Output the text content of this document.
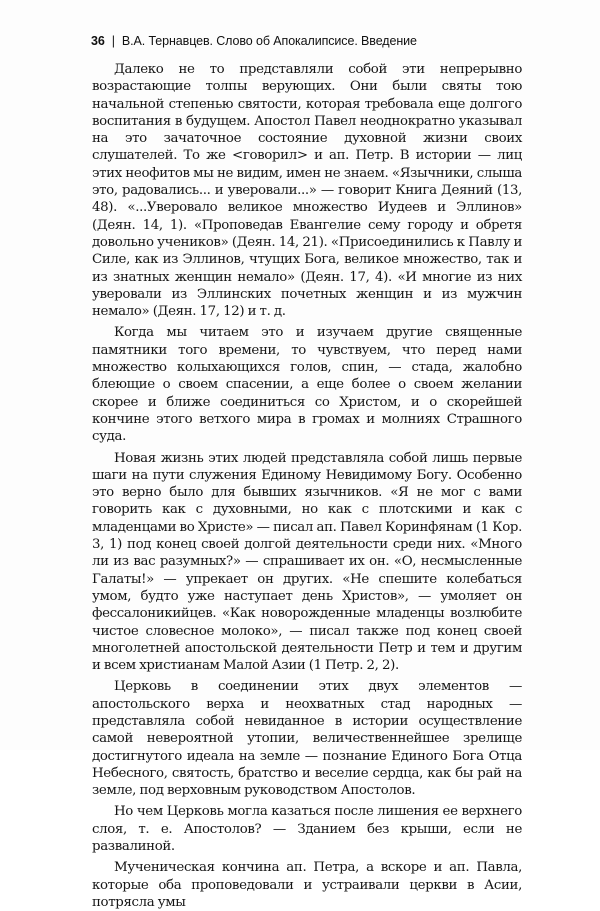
36 | В.А. Тернавцев. Слово об Апокалипсисе. Введение

Далеко не то представляли собой эти непрерывно возрастающие толпы верующих. Они были святы тою начальной степенью святости, которая требовала еще долгого воспитания в будущем. Апостол Павел неоднократно указывал на это зачаточное состояние духовной жизни своих слушателей. То же <говорил> и ап. Петр. В истории — лиц этих неофитов мы не видим, имен не знаем. «Язычники, слыша это, радовались... и уверовали...» — говорит Книга Деяний (13, 48). «...Уверовало великое множество Иудеев и Эллинов» (Деян. 14, 1). «Проповедав Евангелие сему городу и обретя довольно учеников» (Деян. 14, 21). «Присоединились к Павлу и Силе, как из Эллинов, чтущих Бога, великое множество, так и из знатных женщин немало» (Деян. 17, 4). «И многие из них уверовали из Эллинских почетных женщин и из мужчин немало» (Деян. 17, 12) и т. д.

Когда мы читаем это и изучаем другие священные памятники того времени, то чувствуем, что перед нами множество колыхающихся голов, спин, — стада, жалобно блеющие о своем спасении, а еще более о своем желании скорее и ближе соединиться со Христом, и о скорейшей кончине этого ветхого мира в громах и молниях Страшного суда.

Новая жизнь этих людей представляла собой лишь первые шаги на пути служения Единому Невидимому Богу. Особенно это верно было для бывших язычников. «Я не мог с вами говорить как с духовными, но как с плотскими и как с младенцами во Христе» — писал ап. Павел Коринфянам (1 Кор. 3, 1) под конец своей долгой деятельности среди них. «Много ли из вас разумных?» — спрашивает их он. «О, несмысленные Галаты!» — упрекает он других. «Не спешите колебаться умом, будто уже наступает день Христов», — умоляет он фессалоникийцев. «Как новорожденные младенцы возлюбите чистое словесное молоко», — писал также под конец своей многолетней апостольской деятельности Петр и тем и другим и всем христианам Малой Азии (1 Петр. 2, 2).

Церковь в соединении этих двух элементов — апостольского верха и неохватных стад народных — представляла собой невиданное в истории осуществление самой невероятной утопии, величественнейшее зрелище достигнутого идеала на земле — познание Единого Бога Отца Небесного, святость, братство и веселие сердца, как бы рай на земле, под верховным руководством Апостолов.

Но чем Церковь могла казаться после лишения ее верхнего слоя, т. е. Апостолов? — Зданием без крыши, если не развалиной.

Мученическая кончина ап. Петра, а вскоре и ап. Павла, которые оба проповедовали и устраивали церкви в Асии, потрясла умы
